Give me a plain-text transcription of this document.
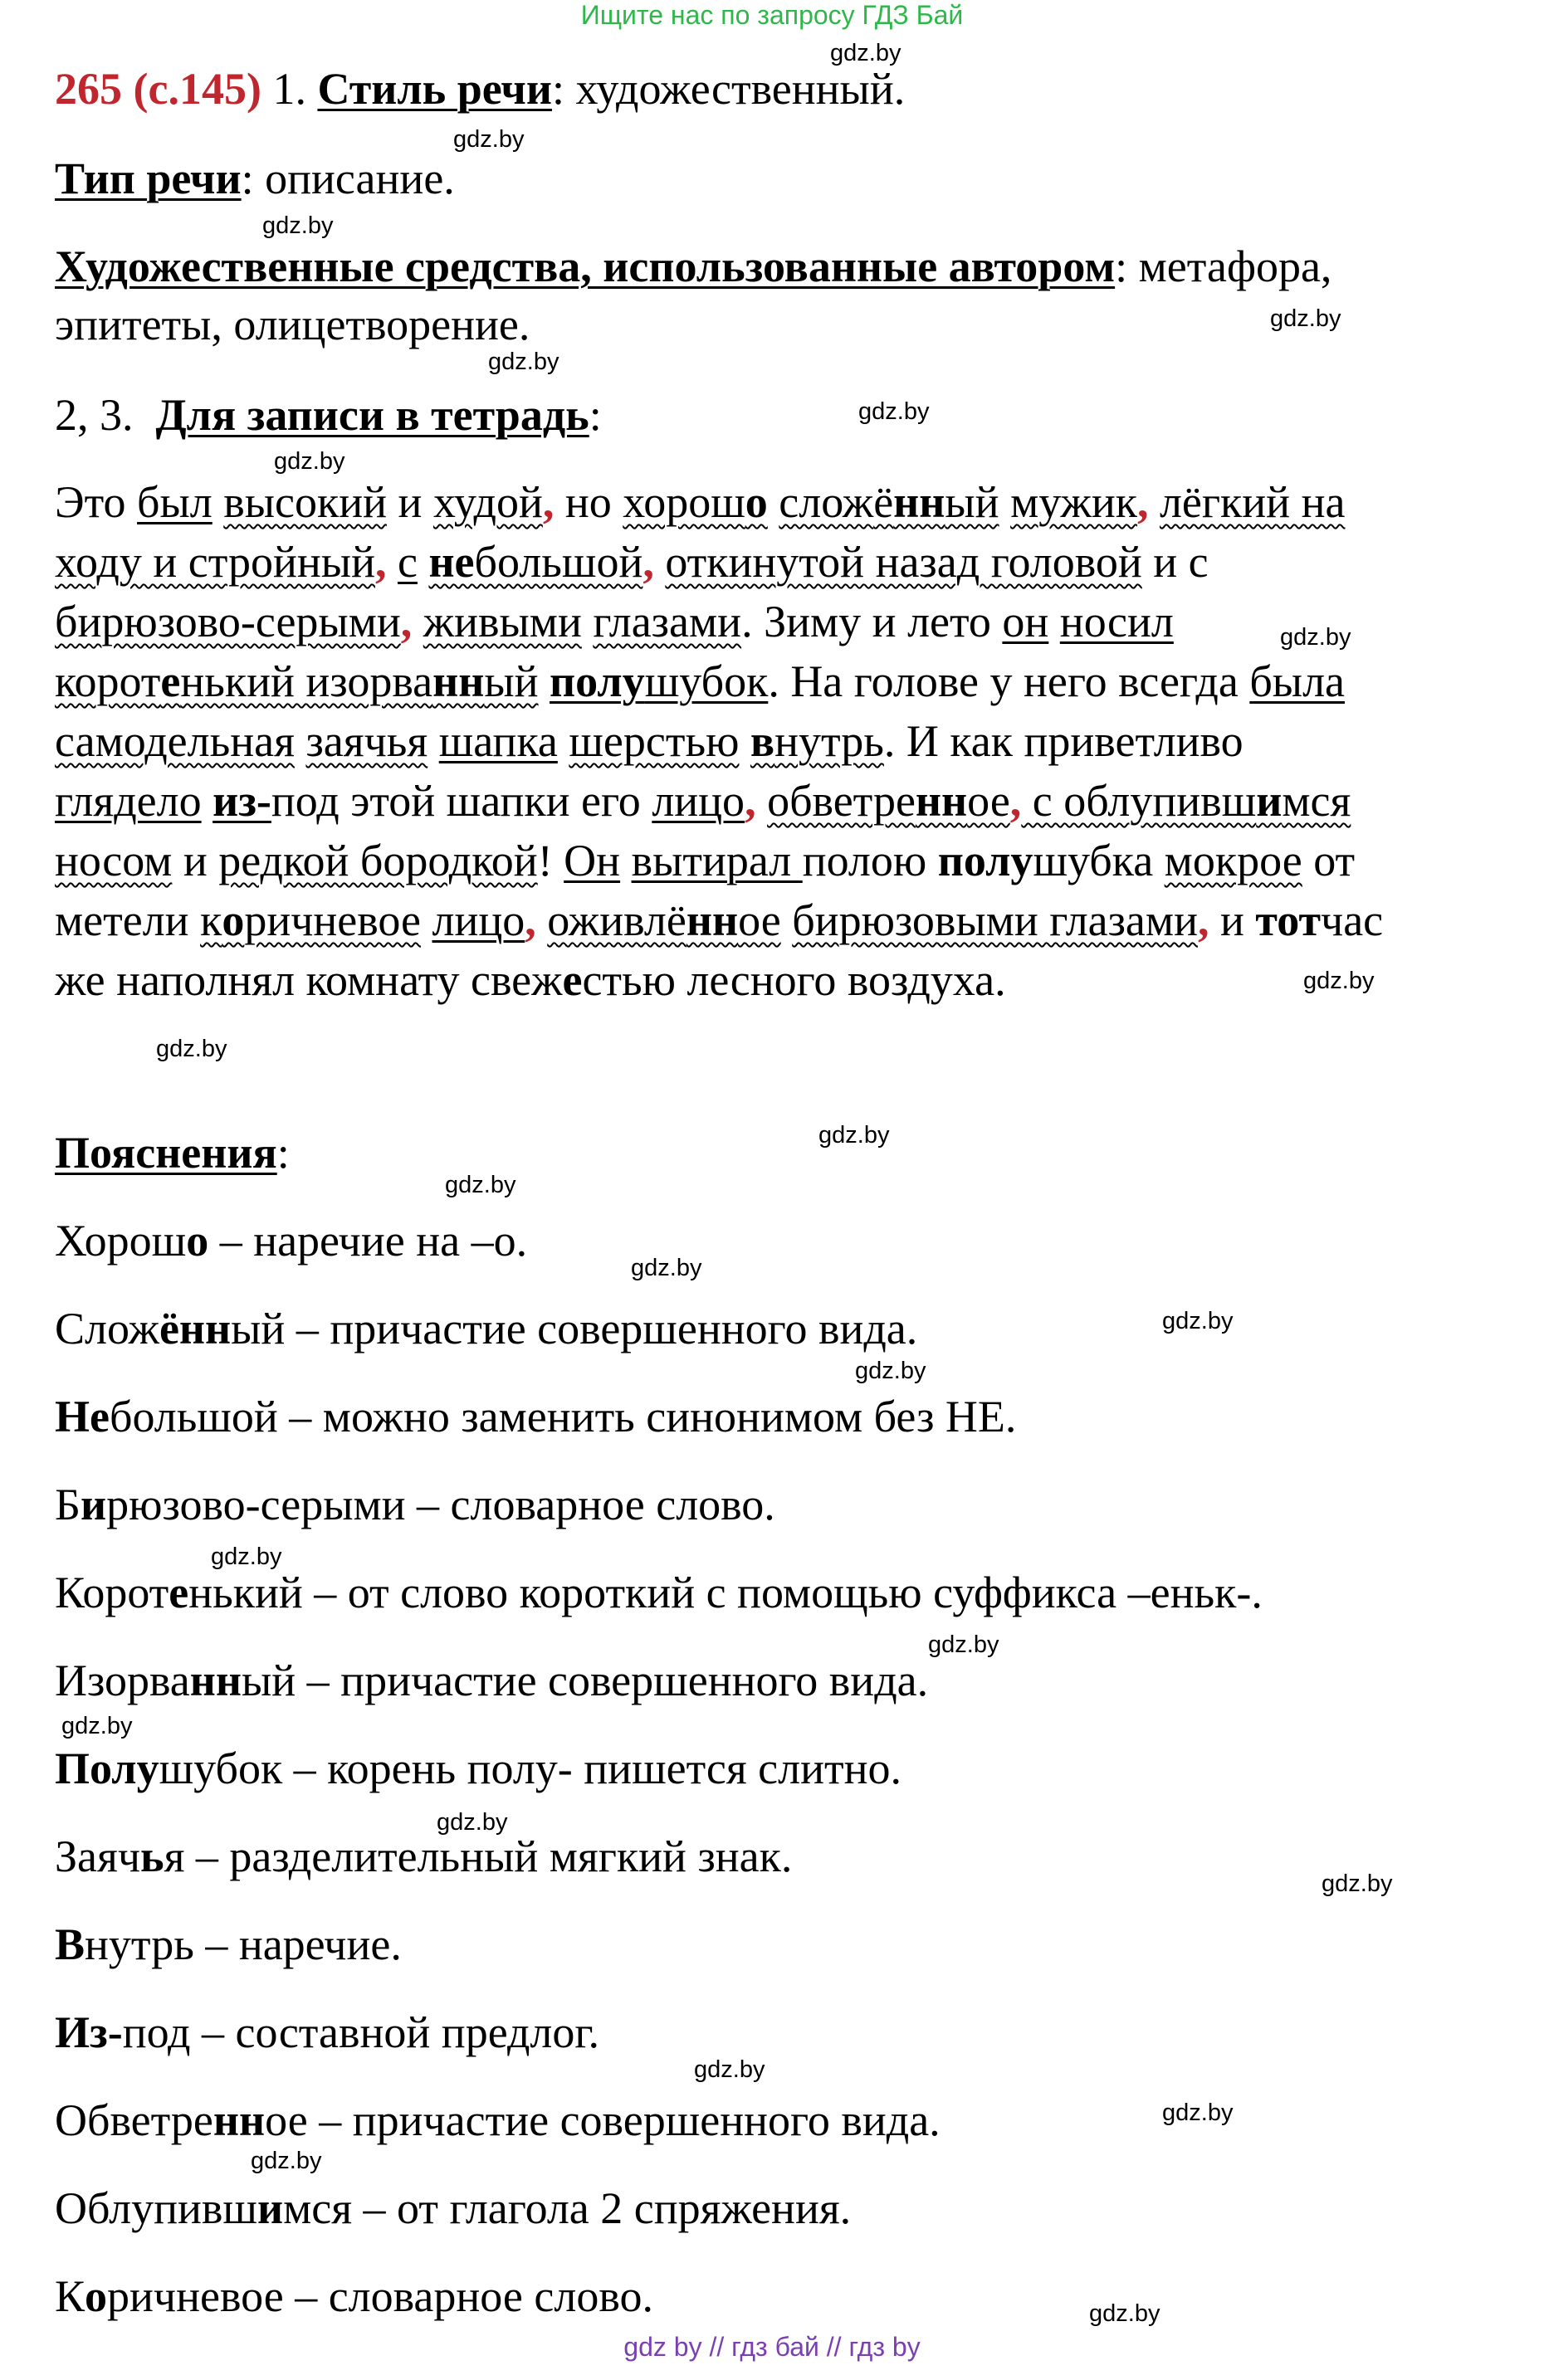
Ищите нас по запросу ГДЗ Бай
265 (с.145) 1. Стиль речи: художественный.
Тип речи: описание.
Художественные средства, использованные автором: метафора,
эпитеты, олицетворение.
2, 3. Для записи в тетрадь:
Это был высокий и худой, но хорошо сложённый мужик, лёгкий на
ходу и стройный, с небольшой, откинутой назад головой и с
бирюзово-серыми, живыми глазами. Зиму и лето он носил
коротенький изорванный полушубок. На голове у него всегда была
самодельная заячья шапка шерстью внутрь. И как приветливо
глядело из-под этой шапки его лицо, обветренное, с облупившимся
носом и редкой бородкой! Он вытирал полою полушубка мокрое от
метели коричневое лицо, оживлённое бирюзовыми глазами, и тотчас
же наполнял комнату свежестью лесного воздуха.
Пояснения:
Хорошо – наречие на –о.
Сложённый – причастие совершенного вида.
Небольшой – можно заменить синонимом без НЕ.
Бирюзово-серыми – словарное слово.
Коротенький – от слово короткий с помощью суффикса –еньк-.
Изорванный – причастие совершенного вида.
Полушубок – корень полу- пишется слитно.
Заячья – разделительный мягкий знак.
Внутрь – наречие.
Из-под – составной предлог.
Обветренное – причастие совершенного вида.
Облупившимся – от глагола 2 спряжения.
Коричневое – словарное слово.
gdz.by
gdz.by
gdz.by
gdz.by
gdz.by
gdz.by
gdz.by
gdz.by
gdz.by
gdz.by
gdz.by
gdz.by
gdz.by
gdz.by
gdz.by
gdz.by
gdz.by
gdz.by
gdz.by
gdz.by
gdz.by
gdz.by
gdz.by
gdz.by
gdz by // гдз бай // гдз by
